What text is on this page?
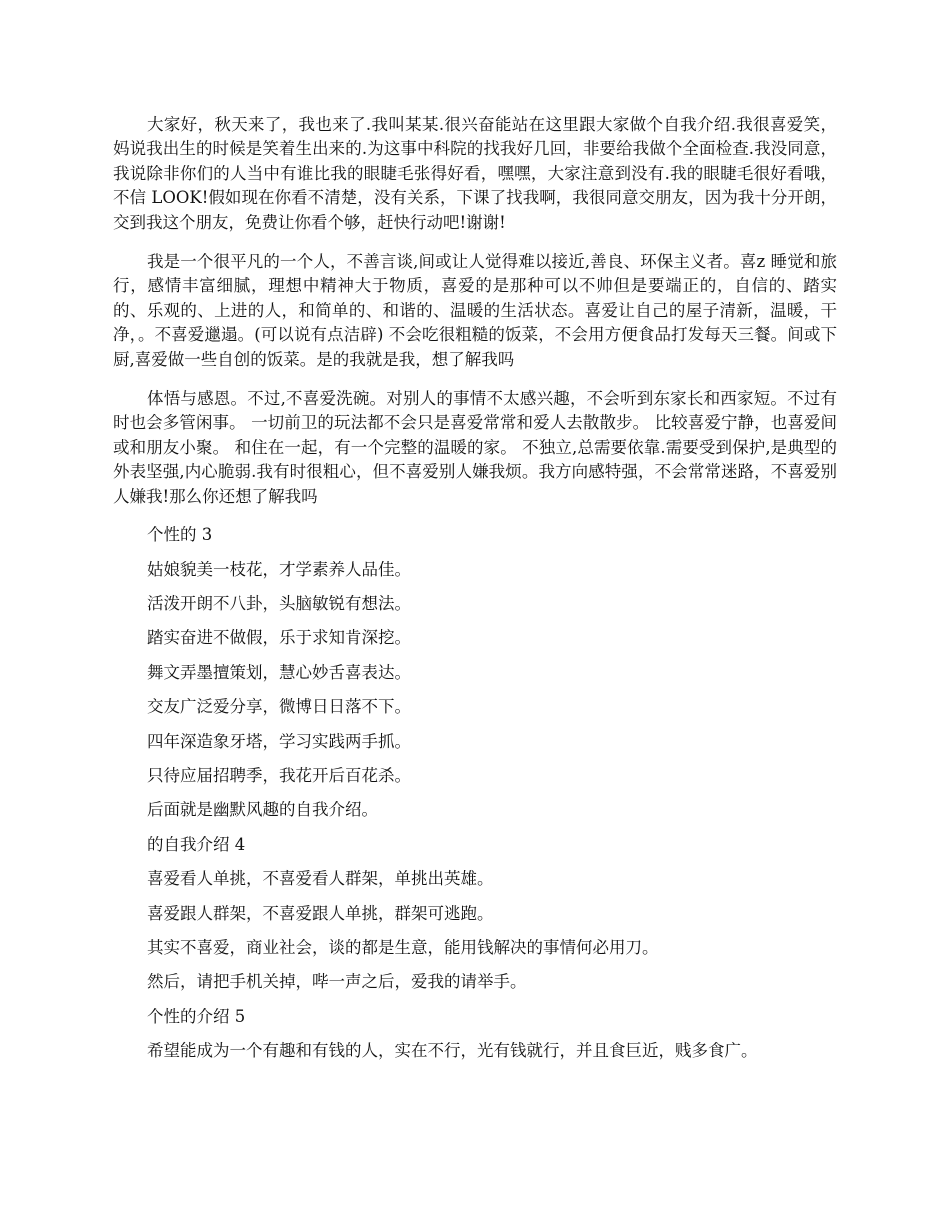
大家好，秋天来了，我也来了.我叫某某.很兴奋能站在这里跟大家做个自我介绍.我很喜爱笑，妈说我出生的时候是笑着生出来的.为这事中科院的找我好几回，非要给我做个全面检查.我没同意，我说除非你们的人当中有谁比我的眼睫毛张得好看，嘿嘿，大家注意到没有.我的眼睫毛很好看哦，不信 LOOK!假如现在你看不清楚，没有关系，下课了找我啊，我很同意交朋友，因为我十分开朗，交到我这个朋友，免费让你看个够，赶快行动吧!谢谢!

我是一个很平凡的一个人，不善言谈,间或让人觉得难以接近,善良、环保主义者。喜z 睡觉和旅行，感情丰富细腻，理想中精神大于物质，喜爱的是那种可以不帅但是要端正的，自信的、踏实的、乐观的、上进的人，和简单的、和谐的、温暖的生活状态。喜爱让自己的屋子清新，温暖，干净，。不喜爱邋遢。(可以说有点洁辟) 不会吃很粗糙的饭菜，不会用方便食品打发每天三餐。间或下厨,喜爱做一些自创的饭菜。是的我就是我，想了解我吗

体悟与感恩。不过,不喜爱洗碗。对别人的事情不太感兴趣，不会听到东家长和西家短。不过有时也会多管闲事。 一切前卫的玩法都不会只是喜爱常常和爱人去散散步。 比较喜爱宁静，也喜爱间或和朋友小聚。 和住在一起，有一个完整的温暖的家。 不独立,总需要依靠.需要受到保护,是典型的外表坚强,内心脆弱.我有时很粗心，但不喜爱别人嫌我烦。我方向感特强，不会常常迷路，不喜爱别人嫌我!那么你还想了解我吗

个性的 3

姑娘貌美一枝花，才学素养人品佳。

活泼开朗不八卦，头脑敏锐有想法。

踏实奋进不做假，乐于求知肯深挖。

舞文弄墨擅策划，慧心妙舌喜表达。

交友广泛爱分享，微博日日落不下。

四年深造象牙塔，学习实践两手抓。

只待应届招聘季，我花开后百花杀。

后面就是幽默风趣的自我介绍。

的自我介绍 4

喜爱看人单挑，不喜爱看人群架，单挑出英雄。

喜爱跟人群架，不喜爱跟人单挑，群架可逃跑。

其实不喜爱，商业社会，谈的都是生意，能用钱解决的事情何必用刀。

然后，请把手机关掉，哔一声之后，爱我的请举手。

个性的介绍 5

希望能成为一个有趣和有钱的人，实在不行，光有钱就行，并且食巨近，贱多食广。
